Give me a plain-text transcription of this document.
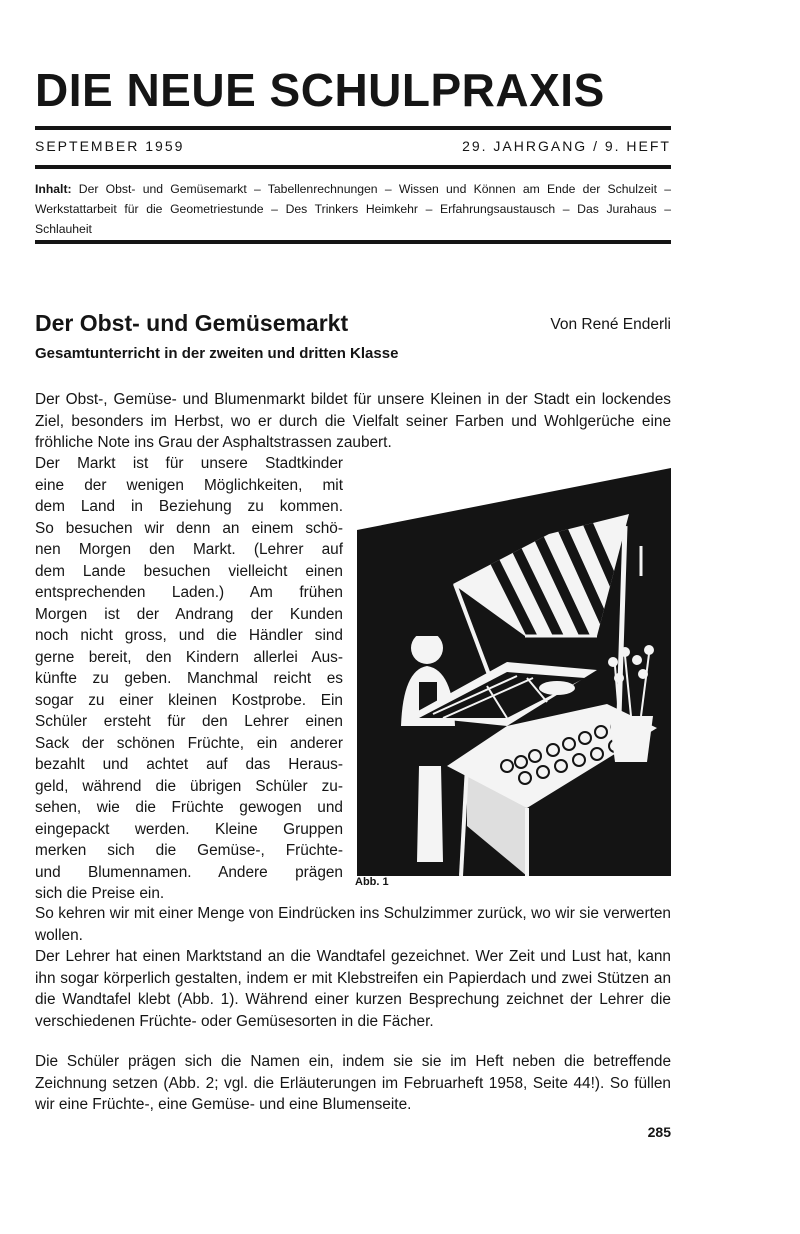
DIE NEUE SCHULPRAXIS
SEPTEMBER 1959	29. JAHRGANG / 9. HEFT
Inhalt: Der Obst- und Gemüsemarkt – Tabellenrechnungen – Wissen und Können am Ende der Schulzeit – Werkstattarbeit für die Geometriestunde – Des Trinkers Heimkehr – Erfahrungsaustausch – Das Jurahaus – Schlauheit
Der Obst- und Gemüsemarkt	Von René Enderli
Gesamtunterricht in der zweiten und dritten Klasse
Der Obst-, Gemüse- und Blumenmarkt bildet für unsere Kleinen in der Stadt ein lockendes Ziel, besonders im Herbst, wo er durch die Vielfalt seiner Farben und Wohlgerüche eine fröhliche Note ins Grau der Asphaltstrassen zaubert.
Der Markt ist für unsere Stadtkinder
eine der wenigen Möglichkeiten, mit
dem Land in Beziehung zu kommen.
So besuchen wir denn an einem schö-
nen Morgen den Markt. (Lehrer auf
dem Lande besuchen vielleicht einen
entsprechenden Laden.) Am frühen
Morgen ist der Andrang der Kunden
noch nicht gross, und die Händler sind
gerne bereit, den Kindern allerlei Aus-
künfte zu geben. Manchmal reicht es
sogar zu einer kleinen Kostprobe. Ein
Schüler ersteht für den Lehrer einen
Sack der schönen Früchte, ein anderer
bezahlt und achtet auf das Heraus-
geld, während die übrigen Schüler zu-
sehen, wie die Früchte gewogen und
eingepackt werden. Kleine Gruppen
merken sich die Gemüse-, Früchte-
und Blumennamen. Andere prägen
sich die Preise ein.
Abb. 1
So kehren wir mit einer Menge von Eindrücken ins Schulzimmer zurück, wo wir sie verwerten wollen.
Der Lehrer hat einen Marktstand an die Wandtafel gezeichnet. Wer Zeit und Lust hat, kann ihn sogar körperlich gestalten, indem er mit Klebstreifen ein Papierdach und zwei Stützen an die Wandtafel klebt (Abb. 1). Während einer kurzen Besprechung zeichnet der Lehrer die verschiedenen Früchte- oder Gemüsesorten in die Fächer.
Die Schüler prägen sich die Namen ein, indem sie sie im Heft neben die betreffende Zeichnung setzen (Abb. 2; vgl. die Erläuterungen im Februarheft 1958, Seite 44!). So füllen wir eine Früchte-, eine Gemüse- und eine Blumenseite.
285
